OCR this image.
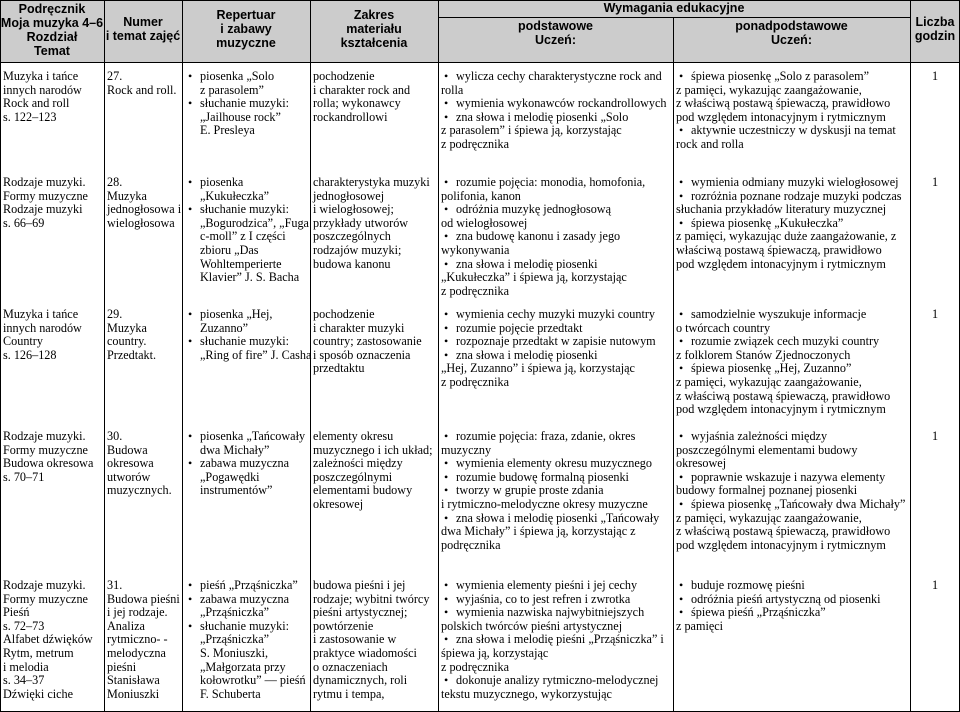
Podręcznik
Moja muzyka 4–6
Rozdział
Temat
Numer
i temat zajęć
Repertuar
i zabawy
muzyczne
Zakres
materiału
kształcenia
Wymagania edukacyjne
podstawowe
Uczeń:
ponadpodstawowe
Uczeń:
Liczba
godzin
Muzyka i tańce
innych narodów
Rock and roll
s. 122–123
27.
Rock and roll.
• piosenka „Solo
z parasolem”
• słuchanie muzyki:
„Jailhouse rock”
E. Presleya
pochodzenie
i charakter rock and
rolla; wykonawcy
rockandrollowi
• wylicza cechy charakterystyczne rock and
rolla
• wymienia wykonawców rockandrollowych
• zna słowa i melodię piosenki „Solo
z parasolem” i śpiewa ją, korzystając
z podręcznika
• śpiewa piosenkę „Solo z parasolem”
z pamięci, wykazując zaangażowanie,
z właściwą postawą śpiewaczą, prawidłowo
pod względem intonacyjnym i rytmicznym
• aktywnie uczestniczy w dyskusji na temat
rock and rolla
1
Rodzaje muzyki.
Formy muzyczne
Rodzaje muzyki
s. 66–69
28.
Muzyka
jednogłosowa i
wielogłosowa
• piosenka
„Kukułeczka”
• słuchanie muzyki:
„Bogurodzica”, „Fuga
c-moll” z I części
zbioru „Das
Wohltemperierte
Klavier” J. S. Bacha
charakterystyka muzyki
jednogłosowej
i wielogłosowej;
przykłady utworów
poszczególnych
rodzajów muzyki;
budowa kanonu
• rozumie pojęcia: monodia, homofonia,
polifonia, kanon
• odróżnia muzykę jednogłosową
od wielogłosowej
• zna budowę kanonu i zasady jego
wykonywania
• zna słowa i melodię piosenki
„Kukułeczka” i śpiewa ją, korzystając
z podręcznika
• wymienia odmiany muzyki wielogłosowej
• rozróżnia poznane rodzaje muzyki podczas
słuchania przykładów literatury muzycznej
• śpiewa piosenkę „Kukułeczka”
z pamięci, wykazując duże zaangażowanie, z
właściwą postawą śpiewaczą, prawidłowo
pod względem intonacyjnym i rytmicznym
1
Muzyka i tańce
innych narodów
Country
s. 126–128
29.
Muzyka
country.
Przedtakt.
• piosenka „Hej,
Zuzanno”
• słuchanie muzyki:
„Ring of fire” J. Casha
pochodzenie
i charakter muzyki
country; zastosowanie
i sposób oznaczenia
przedtaktu
• wymienia cechy muzyki muzyki country
• rozumie pojęcie przedtakt
• rozpoznaje przedtakt w zapisie nutowym
• zna słowa i melodię piosenki
„Hej, Zuzanno” i śpiewa ją, korzystając
z podręcznika
• samodzielnie wyszukuje informacje
o twórcach country
• rozumie związek cech muzyki country
z folklorem Stanów Zjednoczonych
• śpiewa piosenkę „Hej, Zuzanno”
z pamięci, wykazując zaangażowanie,
z właściwą postawą śpiewaczą, prawidłowo
pod względem intonacyjnym i rytmicznym
1
Rodzaje muzyki.
Formy muzyczne
Budowa okresowa
s. 70–71
30.
Budowa
okresowa
utworów
muzycznych.
• piosenka „Tańcowały
dwa Michały”
• zabawa muzyczna
„Pogawędki
instrumentów”
elementy okresu
muzycznego i ich układ;
zależności między
poszczególnymi
elementami budowy
okresowej
• rozumie pojęcia: fraza, zdanie, okres
muzyczny
• wymienia elementy okresu muzycznego
• rozumie budowę formalną piosenki
• tworzy w grupie proste zdania
i rytmiczno-melodyczne okresy muzyczne
• zna słowa i melodię piosenki „Tańcowały
dwa Michały” i śpiewa ją, korzystając z
podręcznika
• wyjaśnia zależności między
poszczególnymi elementami budowy
okresowej
• poprawnie wskazuje i nazywa elementy
budowy formalnej poznanej piosenki
• śpiewa piosenkę „Tańcowały dwa Michały”
z pamięci, wykazując zaangażowanie,
z właściwą postawą śpiewaczą, prawidłowo
pod względem intonacyjnym i rytmicznym
1
Rodzaje muzyki.
Formy muzyczne
Pieśń
s. 72–73
Alfabet dźwięków
Rytm, metrum
i melodia
s. 34–37
Dźwięki ciche
31.
Budowa pieśni
i jej rodzaje.
Analiza
rytmiczno- -
melodyczna
pieśni
Stanisława
Moniuszki
• pieśń „Prząśniczka”
• zabawa muzyczna
„Prząśniczka”
• słuchanie muzyki:
„Prząśniczka”
S. Moniuszki,
„Małgorzata przy
kołowrotku” — pieśń
F. Schuberta
budowa pieśni i jej
rodzaje; wybitni twórcy
pieśni artystycznej;
powtórzenie
i zastosowanie w
praktyce wiadomości
o oznaczeniach
dynamicznych, roli
rytmu i tempa,
• wymienia elementy pieśni i jej cechy
• wyjaśnia, co to jest refren i zwrotka
• wymienia nazwiska najwybitniejszych
polskich twórców pieśni artystycznej
• zna słowa i melodię pieśni „Prząśniczka” i
śpiewa ją, korzystając
z podręcznika
• dokonuje analizy rytmiczno-melodycznej
tekstu muzycznego, wykorzystując
• buduje rozmowę pieśni
• odróżnia pieśń artystyczną od piosenki
• śpiewa pieśń „Prząśniczka”
z pamięci
1
